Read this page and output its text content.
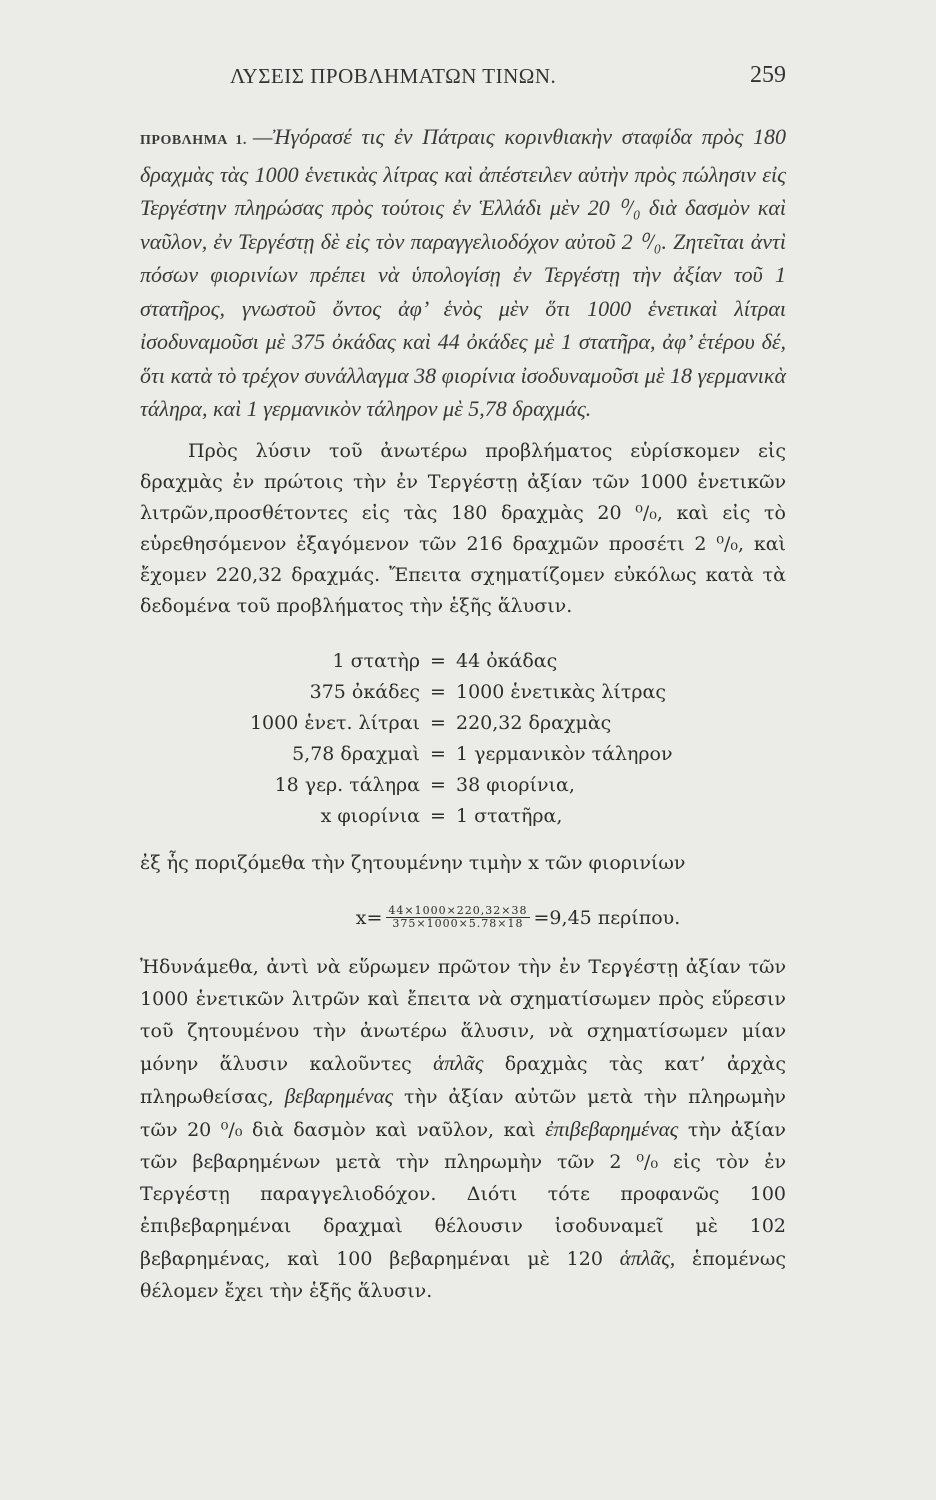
ΛΥΣΕΙΣ ΠΡΟΒΛΗΜΑΤΩΝ ΤΙΝΩΝ.	259
ΠΡΟΒΛΗΜΑ 1. —Ἠγόρασέ τις ἐν Πάτραις κορινθιακὴν σταφίδα πρὸς 180 δραχμὰς τὰς 1000 ἑνετικὰς λίτρας καὶ ἀπέστειλεν αὐτὴν πρὸς πώλησιν εἰς Τεργέστην πληρώσας πρὸς τούτοις ἐν Ἑλλάδι μὲν 20 ⁰/₀ διὰ δασμὸν καὶ ναῦλον, ἐν Τεργέστῃ δὲ εἰς τὸν παραγγελιοδόχον αὐτοῦ 2 ⁰/₀. Ζητεῖται ἀντὶ πόσων φιορινίων πρέπει νὰ ὑπολογίσῃ ἐν Τεργέστῃ τὴν ἀξίαν τοῦ 1 στατῆρος, γνωστοῦ ὄντος ἀφ’ ἑνὸς μὲν ὅτι 1000 ἑνετικαὶ λίτραι ἰσοδυναμοῦσι μὲ 375 ὀκάδας καὶ 44 ὀκάδες μὲ 1 στατῆρα, ἀφ’ ἑτέρου δέ, ὅτι κατὰ τὸ τρέχον συνάλλαγμα 38 φιορίνια ἰσοδυναμοῦσι μὲ 18 γερμανικὰ τάληρα, καὶ 1 γερμανικὸν τάληρον μὲ 5,78 δραχμάς.

Πρὸς λύσιν τοῦ ἀνωτέρω προβλήματος εὑρίσκομεν εἰς δραχμὰς ἐν πρώτοις τὴν ἐν Τεργέστῃ ἀξίαν τῶν 1000 ἑνετικῶν λιτρῶν,προσθέτοντες εἰς τὰς 180 δραχμὰς 20 ⁰/₀, καὶ εἰς τὸ εὑρεθησόμενον ἐξαγόμενον τῶν 216 δραχμῶν προσέτι 2 ⁰/₀, καὶ ἔχομεν 220,32 δραχμάς. Ἔπειτα σχηματίζομεν εὐκόλως κατὰ τὰ δεδομένα τοῦ προβλήματος τὴν ἑξῆς ἅλυσιν.

1 στατὴρ = 44 ὀκάδας
375 ὀκάδες = 1000 ἑνετικὰς λίτρας
1000 ἑνετ. λίτραι = 220,32 δραχμὰς
5,78 δραχμαὶ = 1 γερμανικὸν τάληρον
18 γερ. τάληρα = 38 φιορίνια,
x φιορίνια = 1 στατῆρα,
ἐξ ἧς ποριζόμεθα τὴν ζητουμένην τιμὴν x τῶν φιορινίων
$x= \frac{44\times 1000\times 220,32\times 38}{375\times 1000\times 5.78\times 18} =9,45$ περίπου.

Ἠδυνάμεθα, ἀντὶ νὰ εὕρωμεν πρῶτον τὴν ἐν Τεργέστῃ ἀξίαν τῶν 1000 ἑνετικῶν λιτρῶν καὶ ἔπειτα νὰ σχηματίσωμεν πρὸς εὕρεσιν τοῦ ζητουμένου τὴν ἀνωτέρω ἅλυσιν, νὰ σχηματίσωμεν μίαν μόνην ἅλυσιν καλοῦντες ἁπλᾶς δραχμὰς τὰς κατ’ ἀρχὰς πληρωθείσας, βεβαρημένας τὴν ἀξίαν αὐτῶν μετὰ τὴν πληρωμὴν τῶν 20 ⁰/₀ διὰ δασμὸν καὶ ναῦλον, καὶ ἐπιβεβαρημένας τὴν ἀξίαν τῶν βεβαρημένων μετὰ τὴν πληρωμὴν τῶν 2 ⁰/₀ εἰς τὸν ἐν Τεργέστῃ παραγγελιοδόχον. Διότι τότε προφανῶς 100 ἐπιβεβαρημέναι δραχμαὶ θέλουσιν ἰσοδυναμεῖ μὲ 102 βεβαρημένας, καὶ 100 βεβαρημέναι μὲ 120 ἁπλᾶς, ἑπομένως θέλομεν ἔχει τὴν ἑξῆς ἅλυσιν.
